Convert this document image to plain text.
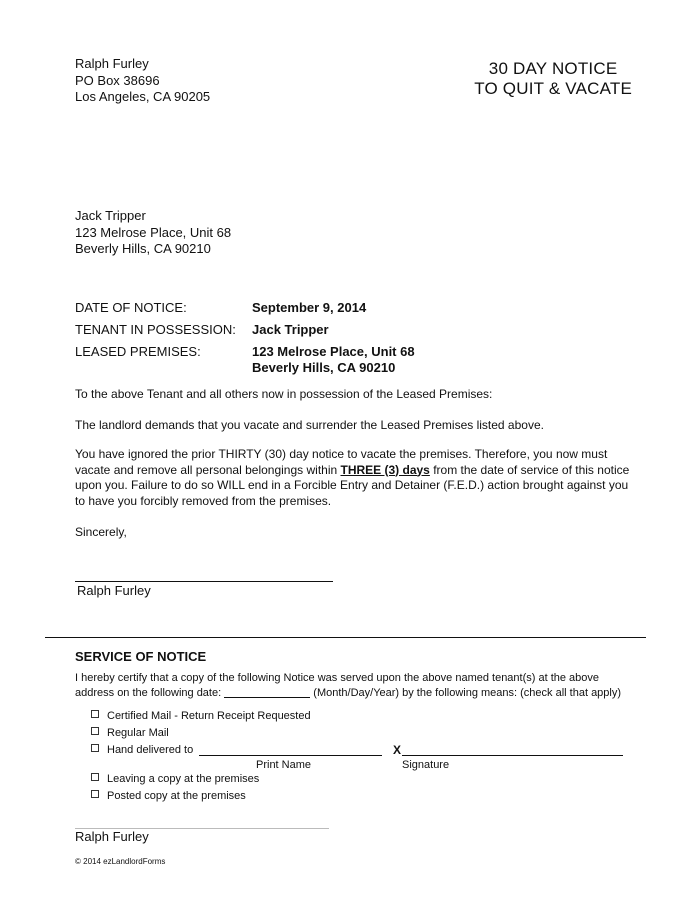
Ralph Furley
PO Box 38696
Los Angeles, CA 90205
30 DAY NOTICE
TO QUIT & VACATE
Jack Tripper
123 Melrose Place, Unit 68
Beverly Hills, CA 90210
DATE OF NOTICE:	September 9, 2014
TENANT IN POSSESSION: Jack Tripper
LEASED PREMISES:	123 Melrose Place, Unit 68
Beverly Hills, CA 90210
To the above Tenant and all others now in possession of the Leased Premises:
The landlord demands that you vacate and surrender the Leased Premises listed above.
You have ignored the prior THIRTY (30) day notice to vacate the premises. Therefore, you now must vacate and remove all personal belongings within THREE (3) days from the date of service of this notice upon you. Failure to do so WILL end in a Forcible Entry and Detainer (F.E.D.) action brought against you to have you forcibly removed from the premises.
Sincerely,
Ralph Furley
SERVICE OF NOTICE
I hereby certify that a copy of the following Notice was served upon the above named tenant(s) at the above
address on the following date:	(Month/Day/Year) by the following means: (check all that apply)
Certified Mail - Return Receipt Requested
Regular Mail
Hand delivered to	X
Print Name	Signature
Leaving a copy at the premises
Posted copy at the premises
Ralph Furley
© 2014 ezLandlordForms
